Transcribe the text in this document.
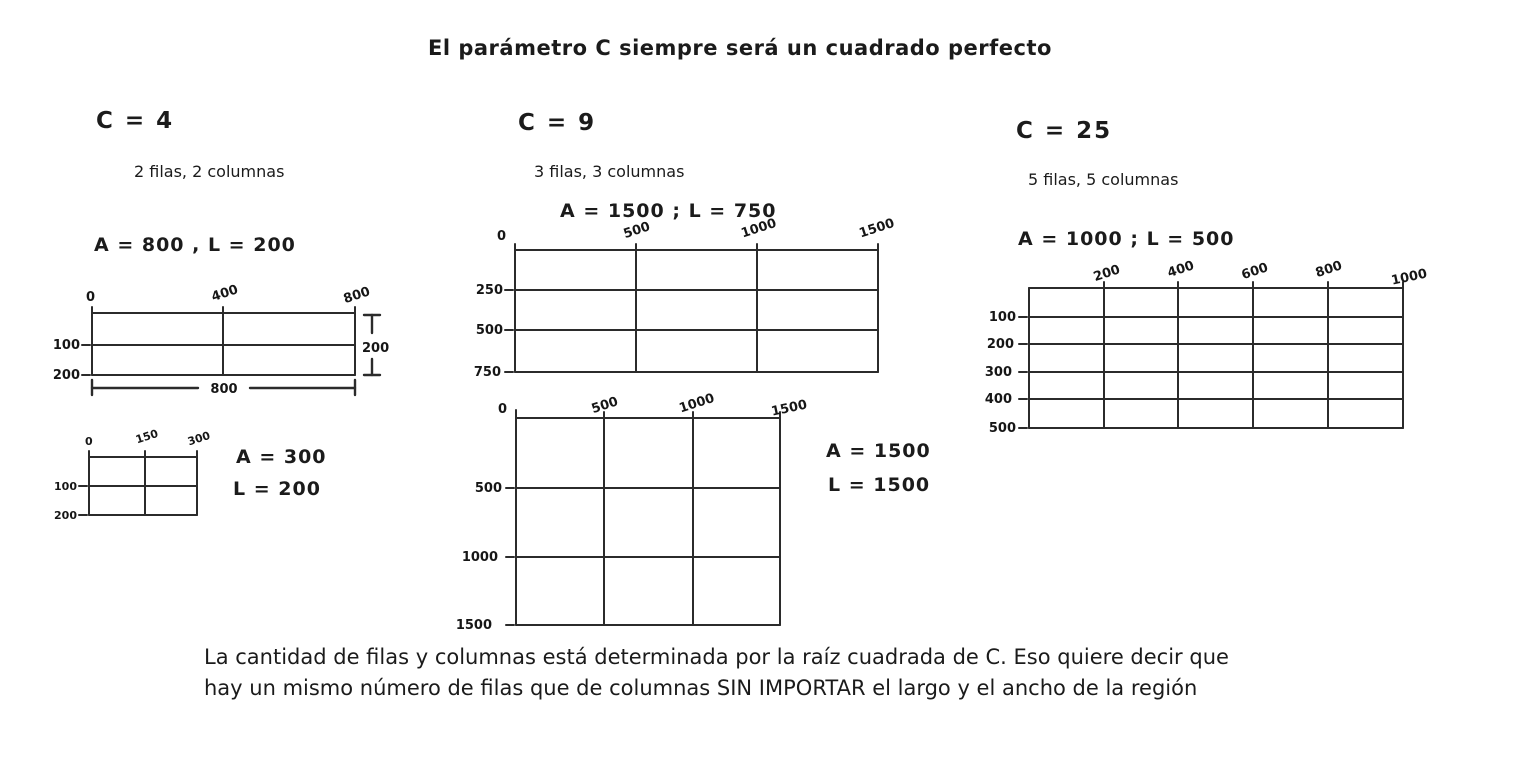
El parámetro C siempre será un cuadrado perfecto
C = 4
2 filas, 2 columnas
A = 800 , L = 200
0	400	800
100
200
200
800
0	150 300
100
200
A = 300
L = 200
C = 9
3 filas, 3 columnas
A = 1500 ; L = 750
0	500	1000	1500
250
500
750
0	500	1000	1500
500
1000
1500
A = 1500
L = 1500
C = 25
5 filas, 5 columnas
A = 1000 ; L = 500
200	400	600	800	1000
100
200
300
400
500
La cantidad de filas y columnas está determinada por la raíz cuadrada de C. Eso quiere decir que
hay un mismo número de filas que de columnas SIN IMPORTAR el largo y el ancho de la región
